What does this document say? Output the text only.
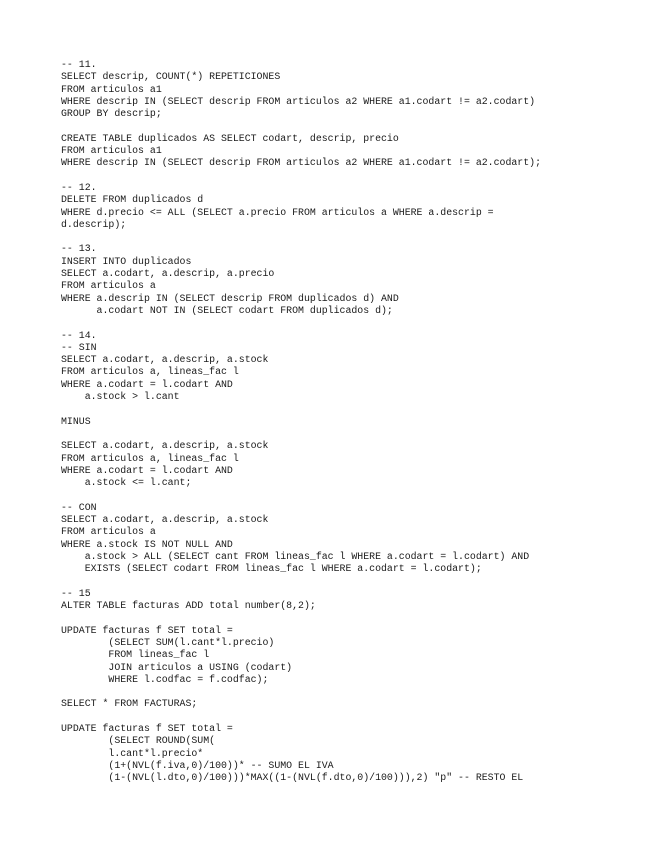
-- 11.
SELECT descrip, COUNT(*) REPETICIONES
FROM articulos a1
WHERE descrip IN (SELECT descrip FROM articulos a2 WHERE a1.codart != a2.codart)
GROUP BY descrip;
CREATE TABLE duplicados AS SELECT codart, descrip, precio
FROM articulos a1
WHERE descrip IN (SELECT descrip FROM articulos a2 WHERE a1.codart != a2.codart);
-- 12.
DELETE FROM duplicados d
WHERE d.precio <= ALL (SELECT a.precio FROM articulos a WHERE a.descrip =
d.descrip);
-- 13.
INSERT INTO duplicados
SELECT a.codart, a.descrip, a.precio
FROM articulos a
WHERE a.descrip IN (SELECT descrip FROM duplicados d) AND
a.codart NOT IN (SELECT codart FROM duplicados d);
-- 14.
-- SIN
SELECT a.codart, a.descrip, a.stock
FROM articulos a, lineas_fac l
WHERE a.codart = l.codart AND
a.stock > l.cant
MINUS
SELECT a.codart, a.descrip, a.stock
FROM articulos a, lineas_fac l
WHERE a.codart = l.codart AND
a.stock <= l.cant;
-- CON
SELECT a.codart, a.descrip, a.stock
FROM articulos a
WHERE a.stock IS NOT NULL AND
a.stock > ALL (SELECT cant FROM lineas_fac l WHERE a.codart = l.codart) AND
EXISTS (SELECT codart FROM lineas_fac l WHERE a.codart = l.codart);
-- 15
ALTER TABLE facturas ADD total number(8,2);
UPDATE facturas f SET total =
(SELECT SUM(l.cant*l.precio)
FROM lineas_fac l
JOIN articulos a USING (codart)
WHERE l.codfac = f.codfac);
SELECT * FROM FACTURAS;
UPDATE facturas f SET total =
(SELECT ROUND(SUM(
l.cant*l.precio*
(1+(NVL(f.iva,0)/100))* -- SUMO EL IVA
(1-(NVL(l.dto,0)/100)))*MAX((1-(NVL(f.dto,0)/100))),2) "p" -- RESTO EL
